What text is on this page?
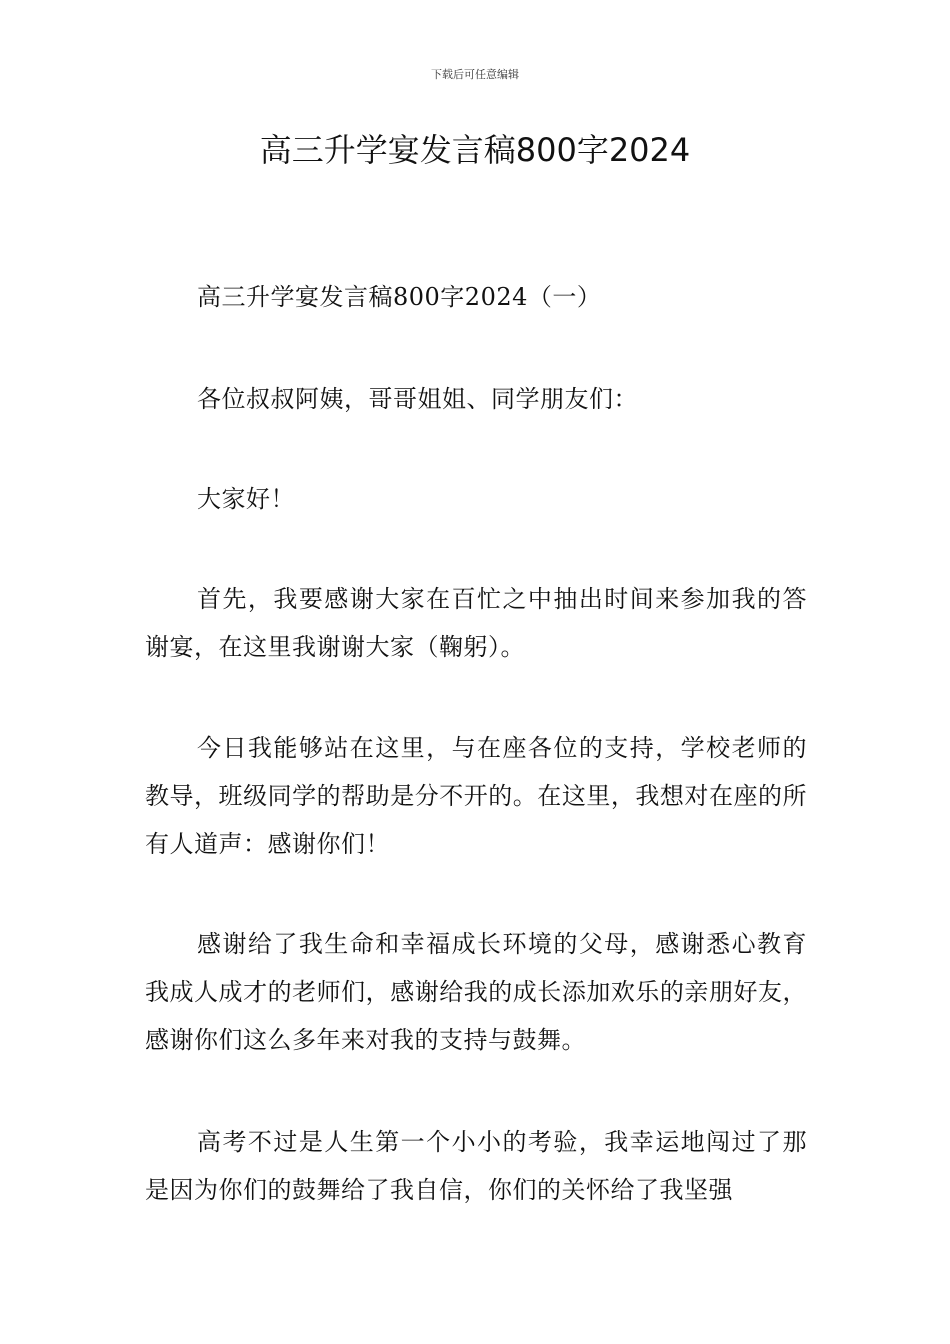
下载后可任意编辑
高三升学宴发言稿800字2024

高三升学宴发言稿800字2024（一）

各位叔叔阿姨，哥哥姐姐、同学朋友们：

大家好！

首先，我要感谢大家在百忙之中抽出时间来参加我的答谢宴，在这里我谢谢大家（鞠躬）。

今日我能够站在这里，与在座各位的支持，学校老师的教导，班级同学的帮助是分不开的。在这里，我想对在座的所有人道声：感谢你们！

感谢给了我生命和幸福成长环境的父母，感谢悉心教育我成人成才的老师们，感谢给我的成长添加欢乐的亲朋好友，感谢你们这么多年来对我的支持与鼓舞。

高考不过是人生第一个小小的考验，我幸运地闯过了那是因为你们的鼓舞给了我自信，你们的关怀给了我坚强
